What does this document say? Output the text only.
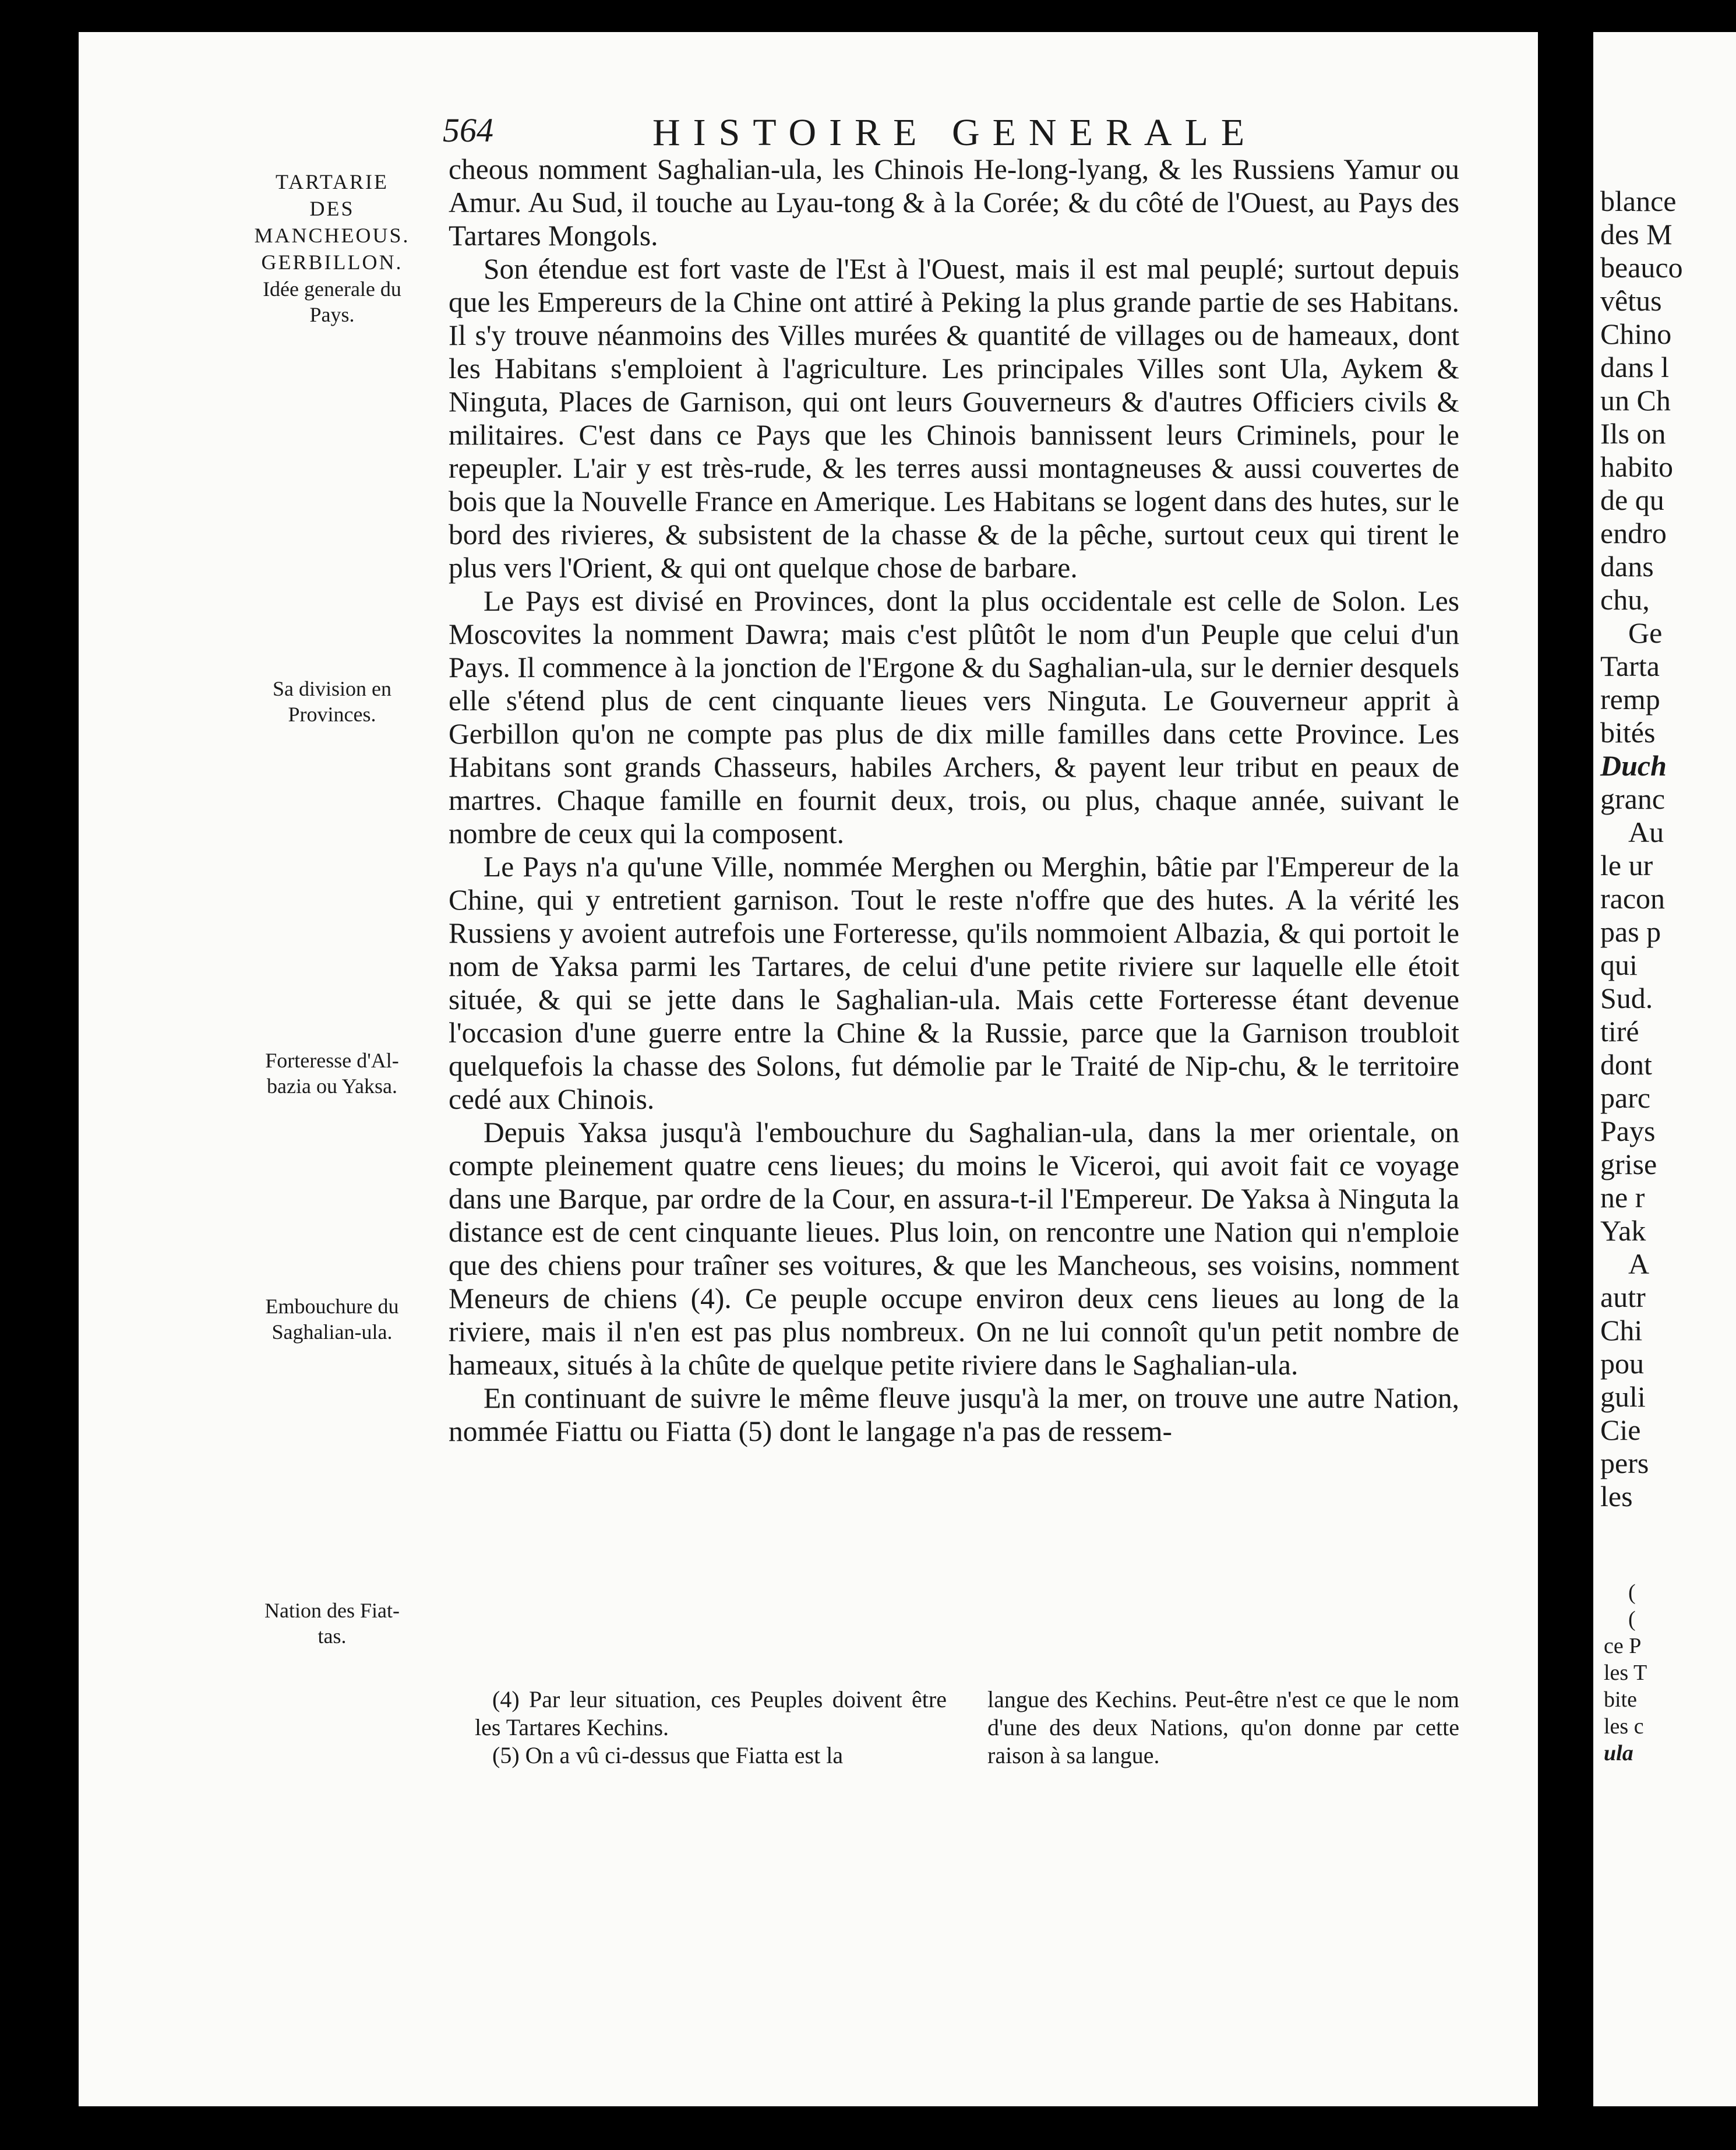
564	HISTOIRE GENERALE
TARTARIE
DES
MANCHEOUS.
GERBILLON.
Idée generale du
Pays.
Sa division en
Provinces.
Forteresse d'Al-
bazia ou Yaksa.
Embouchure du
Saghalian-ula.
Nation des Fiat-
tas.

cheous nomment Saghalian-ula, les Chinois He-long-lyang, & les Russiens Yamur ou Amur. Au Sud, il touche au Lyau-tong & à la Corée; & du côté de l'Ouest, au Pays des Tartares Mongols.

Son étendue est fort vaste de l'Est à l'Ouest, mais il est mal peuplé; surtout depuis que les Empereurs de la Chine ont attiré à Peking la plus grande partie de ses Habitans. Il s'y trouve néanmoins des Villes murées & quantité de villages ou de hameaux, dont les Habitans s'emploient à l'agriculture. Les principales Villes sont Ula, Aykem & Ninguta, Places de Garnison, qui ont leurs Gouverneurs & d'autres Officiers civils & militaires. C'est dans ce Pays que les Chinois bannissent leurs Criminels, pour le repeupler. L'air y est très-rude, & les terres aussi montagneuses & aussi couvertes de bois que la Nouvelle France en Amerique. Les Habitans se logent dans des hutes, sur le bord des rivieres, & subsistent de la chasse & de la pêche, surtout ceux qui tirent le plus vers l'Orient, & qui ont quelque chose de barbare.

Le Pays est divisé en Provinces, dont la plus occidentale est celle de Solon. Les Moscovites la nomment Dawra; mais c'est plûtôt le nom d'un Peuple que celui d'un Pays. Il commence à la jonction de l'Ergone & du Saghalian-ula, sur le dernier desquels elle s'étend plus de cent cinquante lieues vers Ninguta. Le Gouverneur apprit à Gerbillon qu'on ne compte pas plus de dix mille familles dans cette Province. Les Habitans sont grands Chasseurs, habiles Archers, & payent leur tribut en peaux de martres. Chaque famille en fournit deux, trois, ou plus, chaque année, suivant le nombre de ceux qui la composent.

Le Pays n'a qu'une Ville, nommée Merghen ou Merghin, bâtie par l'Empereur de la Chine, qui y entretient garnison. Tout le reste n'offre que des hutes. A la vérité les Russiens y avoient autrefois une Forteresse, qu'ils nommoient Albazia, & qui portoit le nom de Yaksa parmi les Tartares, de celui d'une petite riviere sur laquelle elle étoit située, & qui se jette dans le Saghalian-ula. Mais cette Forteresse étant devenue l'occasion d'une guerre entre la Chine & la Russie, parce que la Garnison troubloit quelquefois la chasse des Solons, fut démolie par le Traité de Nip-chu, & le territoire cedé aux Chinois.

Depuis Yaksa jusqu'à l'embouchure du Saghalian-ula, dans la mer orientale, on compte pleinement quatre cens lieues; du moins le Viceroi, qui avoit fait ce voyage dans une Barque, par ordre de la Cour, en assura-t-il l'Empereur. De Yaksa à Ninguta la distance est de cent cinquante lieues. Plus loin, on rencontre une Nation qui n'emploie que des chiens pour traîner ses voitures, & que les Mancheous, ses voisins, nomment Meneurs de chiens (4). Ce peuple occupe environ deux cens lieues au long de la riviere, mais il n'en est pas plus nombreux. On ne lui connoît qu'un petit nombre de hameaux, situés à la chûte de quelque petite riviere dans le Saghalian-ula.

En continuant de suivre le même fleuve jusqu'à la mer, on trouve une autre Nation, nommée Fiattu ou Fiatta (5) dont le langage n'a pas de ressem-

(4) Par leur situation, ces Peuples doivent être les Tartares Kechins.

(5) On a vû ci-dessus que Fiatta est la

langue des Kechins. Peut-être n'est ce que le nom d'une des deux Nations, qu'on donne par cette raison à sa langue.

blance
des M
beauco
vêtus
Chino
dans l
un Ch
Ils on
habito
de qu
endro
dans
chu,
Ge
Tarta
remp
bités
Duch
granc
Au
le ur
racon
pas p
qui
Sud.
tiré
dont
parc
Pays
grise
ne r
Yak
A
autr
Chi
pou
guli
Cie
pers
les
(
(
ce P
les T
bite
les c
ula
